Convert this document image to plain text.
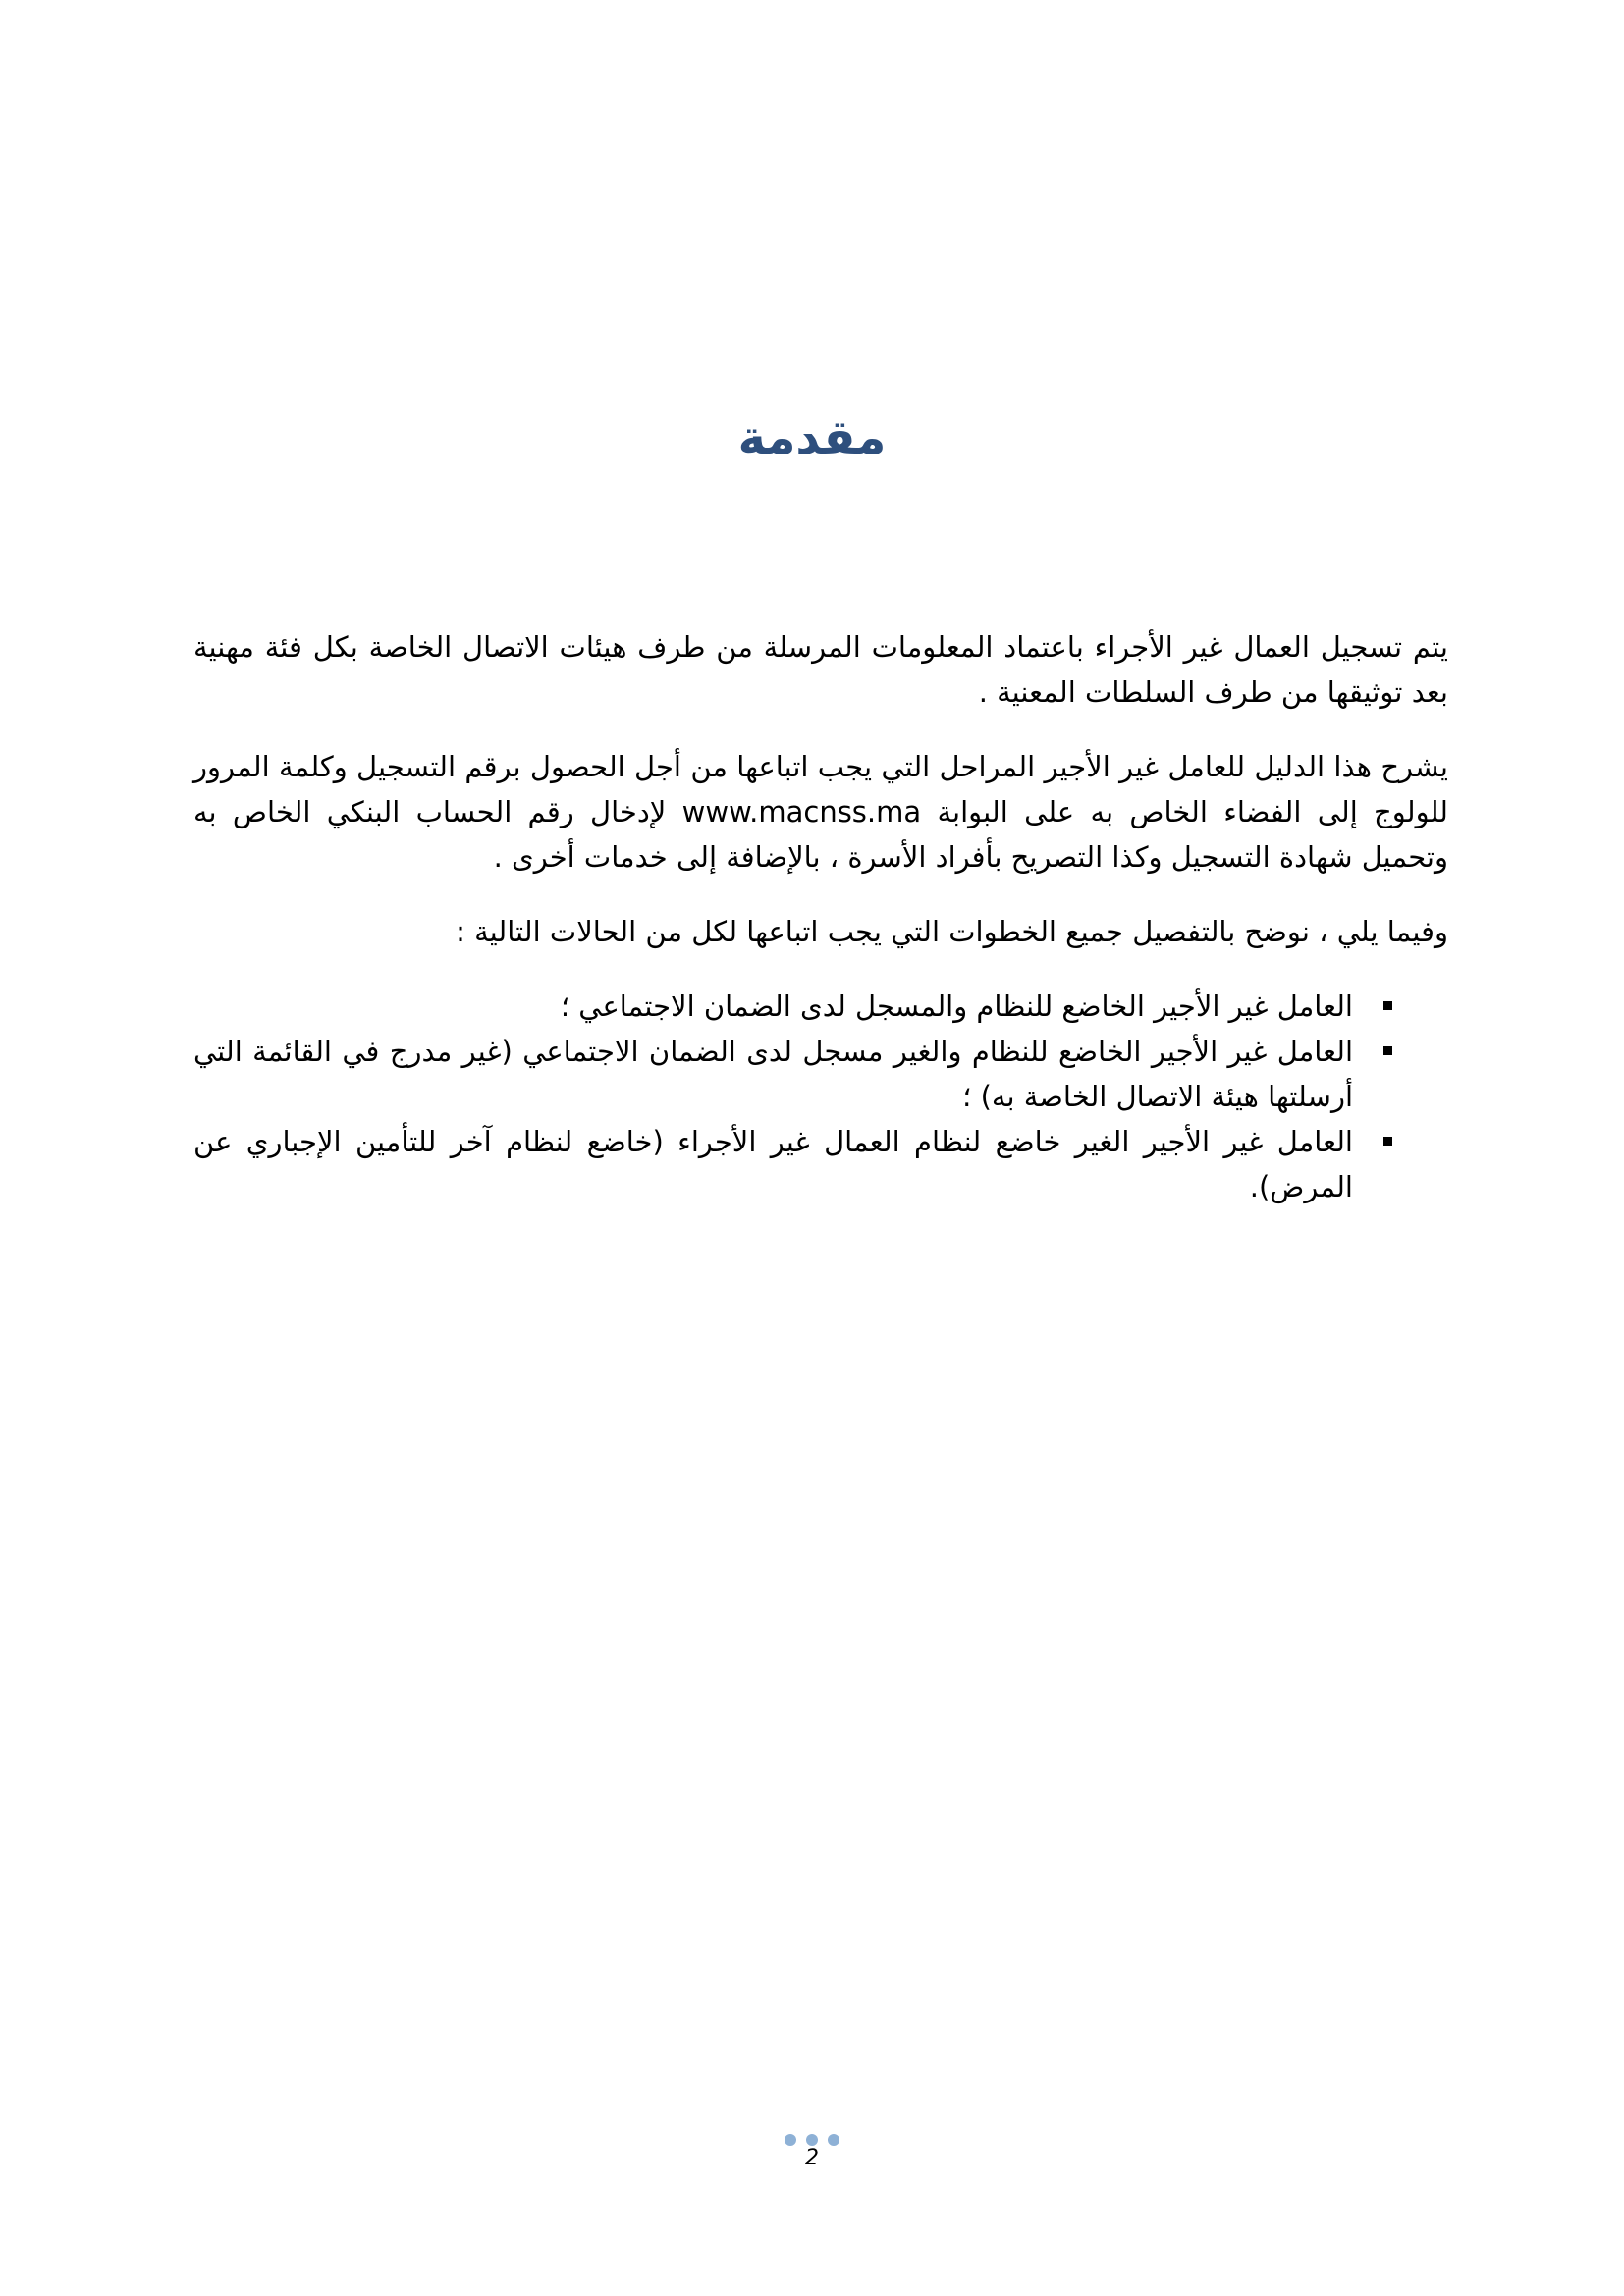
مقدمة

يتم تسجيل العمال غير الأجراء باعتماد المعلومات المرسلة من طرف هيئات الاتصال الخاصة بكل فئة مهنية بعد توثيقها من طرف السلطات المعنية .

يشرح هذا الدليل للعامل غير الأجير المراحل التي يجب اتباعها من أجل الحصول برقم التسجيل وكلمة المرور للولوج إلى الفضاء الخاص به على البوابة www.macnss.ma لإدخال رقم الحساب البنكي الخاص به وتحميل شهادة التسجيل وكذا التصريح بأفراد الأسرة ، بالإضافة إلى خدمات أخرى .

وفيما يلي ، نوضح بالتفصيل جميع الخطوات التي يجب اتباعها لكل من الحالات التالية :

العامل غير الأجير الخاضع للنظام والمسجل لدى الضمان الاجتماعي ؛
العامل غير الأجير الخاضع للنظام والغير مسجل لدى الضمان الاجتماعي (غير مدرج في القائمة التي أرسلتها هيئة الاتصال الخاصة به) ؛
العامل غير الأجير الغير خاضع لنظام العمال غير الأجراء (خاضع لنظام آخر للتأمين الإجباري عن المرض).
2
